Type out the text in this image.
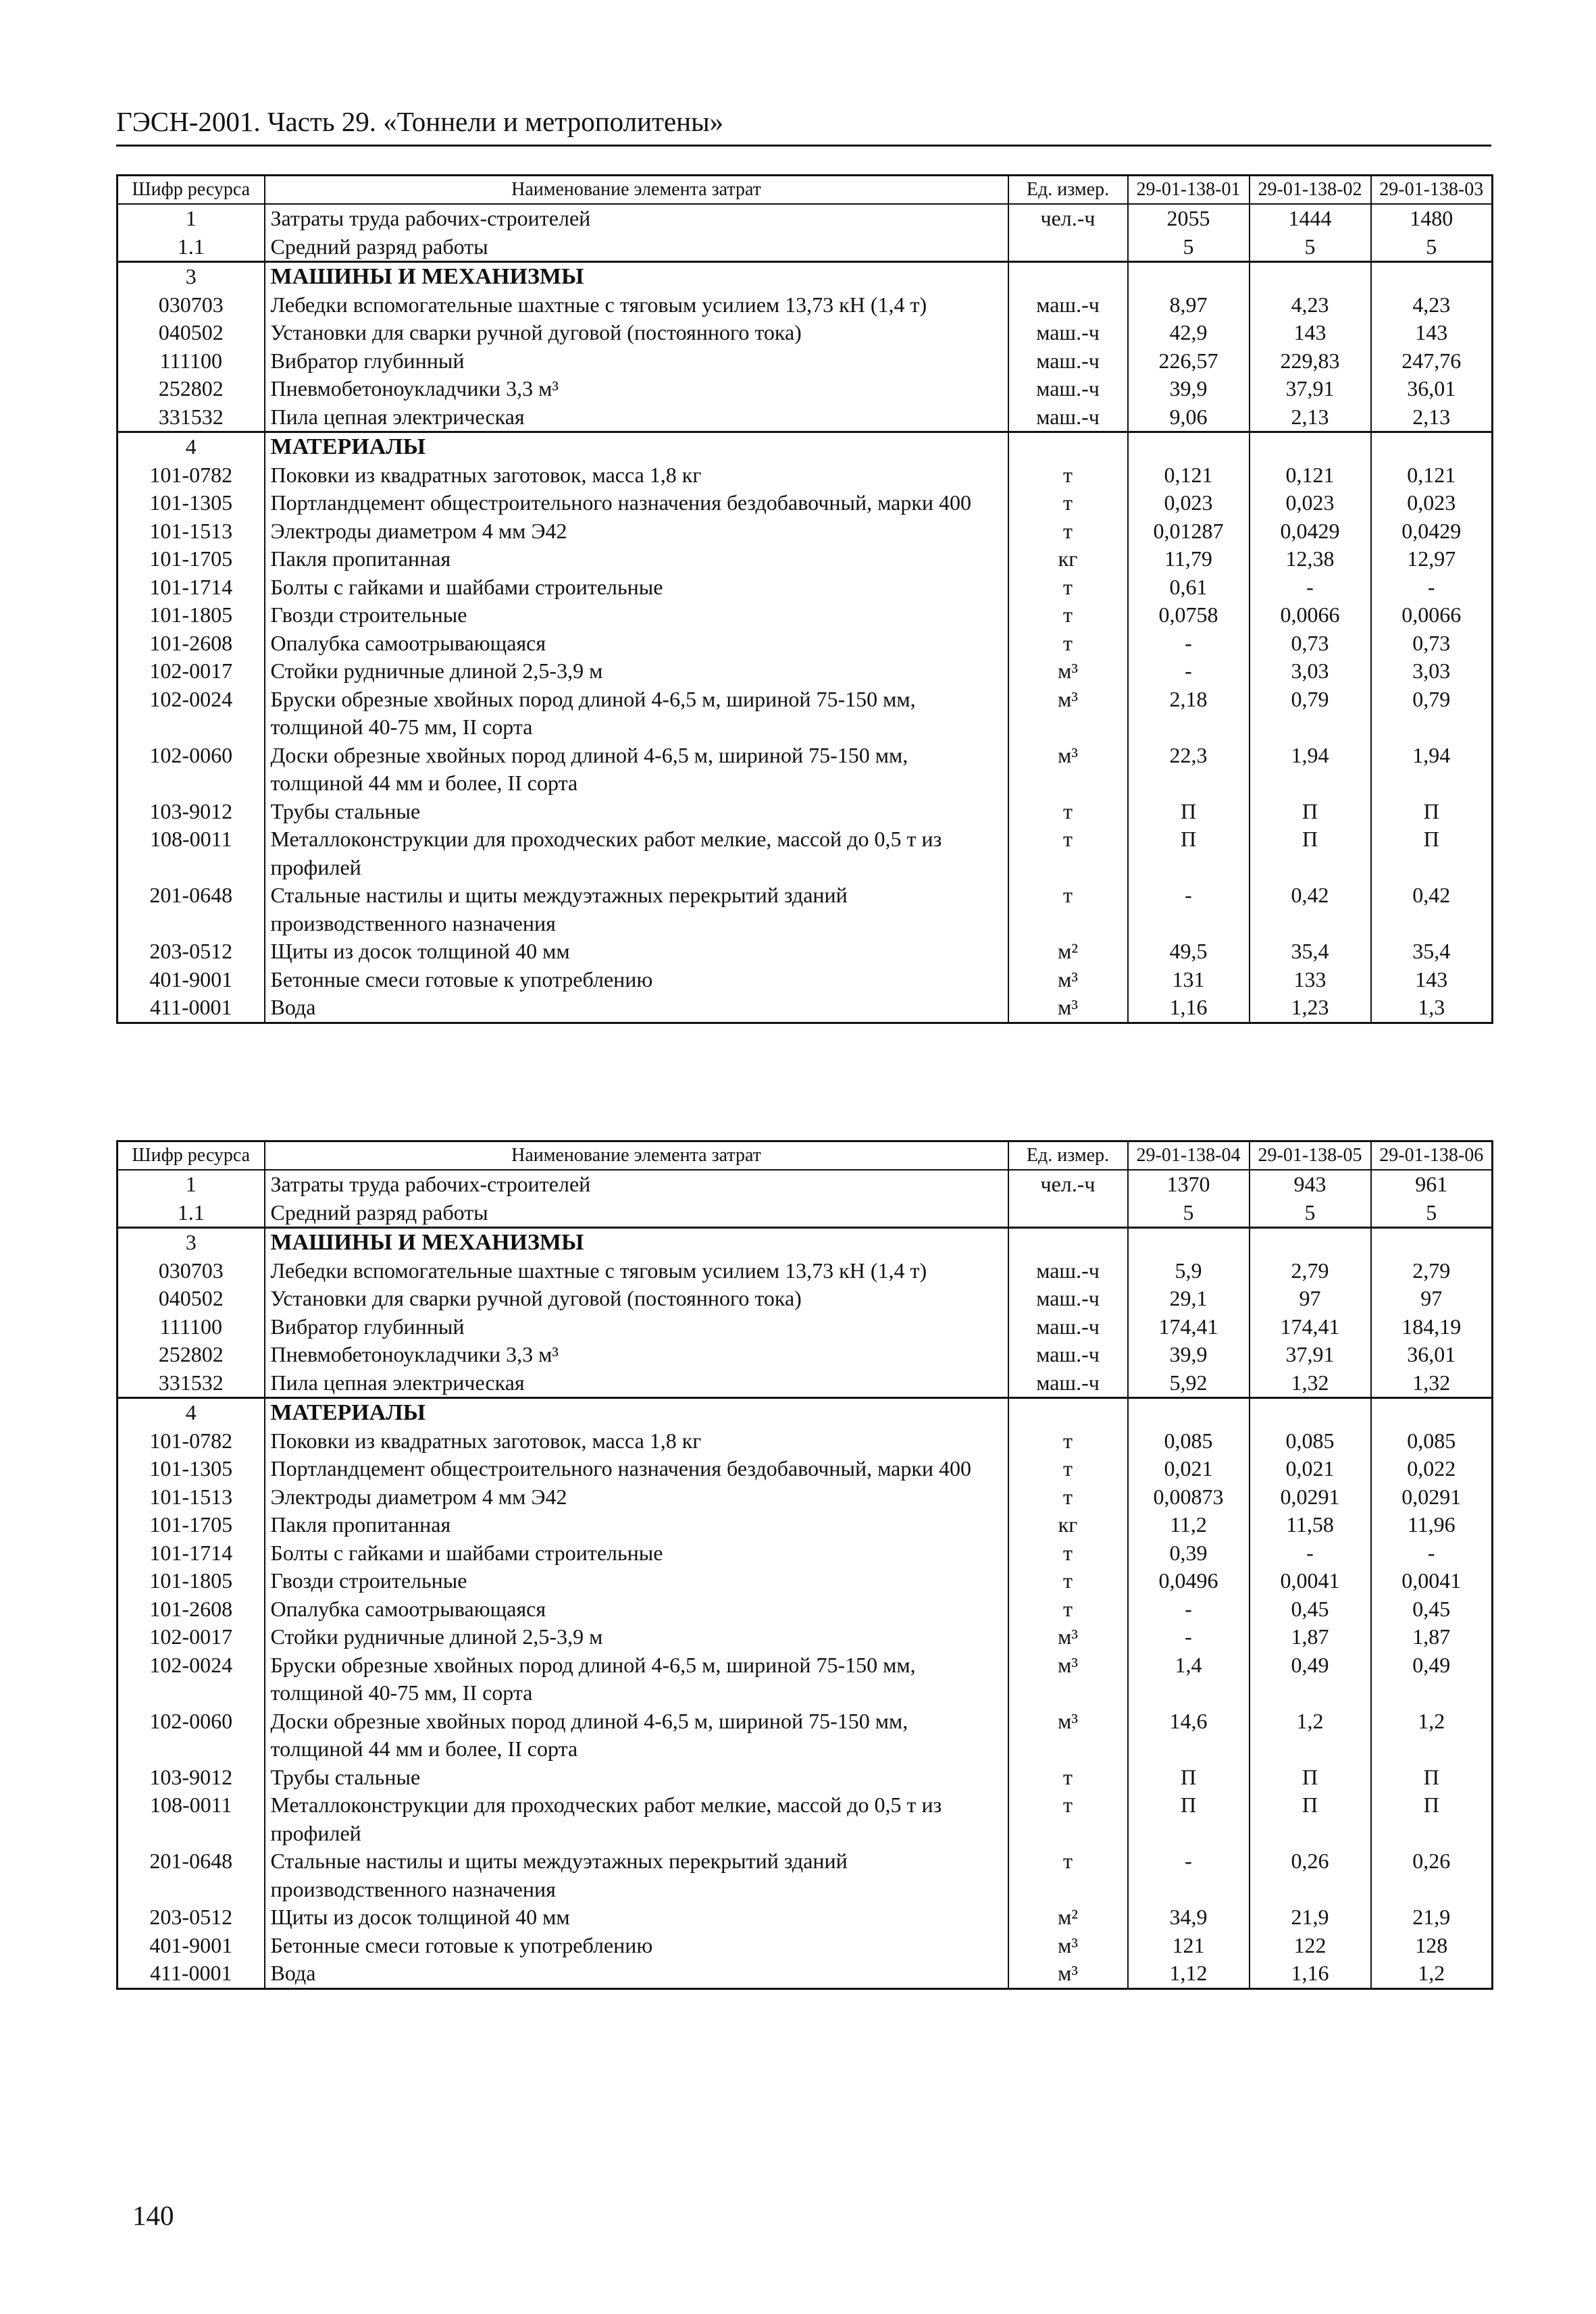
ГЭСН-2001. Часть 29. «Тоннели и метрополитены»
Шифр ресурса	Наименование элемента затрат	Ед. измер.	29-01-138-01	29-01-138-02	29-01-138-03
1	Затраты труда рабочих-строителей	чел.-ч	2055	1444	1480
1.1	Средний разряд работы		5	5	5
3	МАШИНЫ И МЕХАНИЗМЫ				
030703	Лебедки вспомогательные шахтные с тяговым усилием 13,73 кН (1,4 т)	маш.-ч	8,97	4,23	4,23
040502	Установки для сварки ручной дуговой (постоянного тока)	маш.-ч	42,9	143	143
111100	Вибратор глубинный	маш.-ч	226,57	229,83	247,76
252802	Пневмобетоноукладчики 3,3 м³	маш.-ч	39,9	37,91	36,01
331532	Пила цепная электрическая	маш.-ч	9,06	2,13	2,13
4	МАТЕРИАЛЫ				
101-0782	Поковки из квадратных заготовок, масса 1,8 кг	т	0,121	0,121	0,121
101-1305	Портландцемент общестроительного назначения бездобавочный, марки 400	т	0,023	0,023	0,023
101-1513	Электроды диаметром 4 мм Э42	т	0,01287	0,0429	0,0429
101-1705	Пакля пропитанная	кг	11,79	12,38	12,97
101-1714	Болты с гайками и шайбами строительные	т	0,61	-	-
101-1805	Гвозди строительные	т	0,0758	0,0066	0,0066
101-2608	Опалубка самоотрывающаяся	т	-	0,73	0,73
102-0017	Стойки рудничные длиной 2,5-3,9 м	м³	-	3,03	3,03
102-0024	Бруски обрезные хвойных пород длиной 4-6,5 м, шириной 75-150 мм, толщиной 40-75 мм, II сорта	м³	2,18	0,79	0,79
102-0060	Доски обрезные хвойных пород длиной 4-6,5 м, шириной 75-150 мм, толщиной 44 мм и более, II сорта	м³	22,3	1,94	1,94
103-9012	Трубы стальные	т	П	П	П
108-0011	Металлоконструкции для проходческих работ мелкие, массой до 0,5 т из профилей	т	П	П	П
201-0648	Стальные настилы и щиты междуэтажных перекрытий зданий производственного назначения	т	-	0,42	0,42
203-0512	Щиты из досок толщиной 40 мм	м²	49,5	35,4	35,4
401-9001	Бетонные смеси готовые к употреблению	м³	131	133	143
411-0001	Вода	м³	1,16	1,23	1,3
Шифр ресурса	Наименование элемента затрат	Ед. измер.	29-01-138-04	29-01-138-05	29-01-138-06
1	Затраты труда рабочих-строителей	чел.-ч	1370	943	961
1.1	Средний разряд работы		5	5	5
3	МАШИНЫ И МЕХАНИЗМЫ				
030703	Лебедки вспомогательные шахтные с тяговым усилием 13,73 кН (1,4 т)	маш.-ч	5,9	2,79	2,79
040502	Установки для сварки ручной дуговой (постоянного тока)	маш.-ч	29,1	97	97
111100	Вибратор глубинный	маш.-ч	174,41	174,41	184,19
252802	Пневмобетоноукладчики 3,3 м³	маш.-ч	39,9	37,91	36,01
331532	Пила цепная электрическая	маш.-ч	5,92	1,32	1,32
4	МАТЕРИАЛЫ				
101-0782	Поковки из квадратных заготовок, масса 1,8 кг	т	0,085	0,085	0,085
101-1305	Портландцемент общестроительного назначения бездобавочный, марки 400	т	0,021	0,021	0,022
101-1513	Электроды диаметром 4 мм Э42	т	0,00873	0,0291	0,0291
101-1705	Пакля пропитанная	кг	11,2	11,58	11,96
101-1714	Болты с гайками и шайбами строительные	т	0,39	-	-
101-1805	Гвозди строительные	т	0,0496	0,0041	0,0041
101-2608	Опалубка самоотрывающаяся	т	-	0,45	0,45
102-0017	Стойки рудничные длиной 2,5-3,9 м	м³	-	1,87	1,87
102-0024	Бруски обрезные хвойных пород длиной 4-6,5 м, шириной 75-150 мм, толщиной 40-75 мм, II сорта	м³	1,4	0,49	0,49
102-0060	Доски обрезные хвойных пород длиной 4-6,5 м, шириной 75-150 мм, толщиной 44 мм и более, II сорта	м³	14,6	1,2	1,2
103-9012	Трубы стальные	т	П	П	П
108-0011	Металлоконструкции для проходческих работ мелкие, массой до 0,5 т из профилей	т	П	П	П
201-0648	Стальные настилы и щиты междуэтажных перекрытий зданий производственного назначения	т	-	0,26	0,26
203-0512	Щиты из досок толщиной 40 мм	м²	34,9	21,9	21,9
401-9001	Бетонные смеси готовые к употреблению	м³	121	122	128
411-0001	Вода	м³	1,12	1,16	1,2
140
